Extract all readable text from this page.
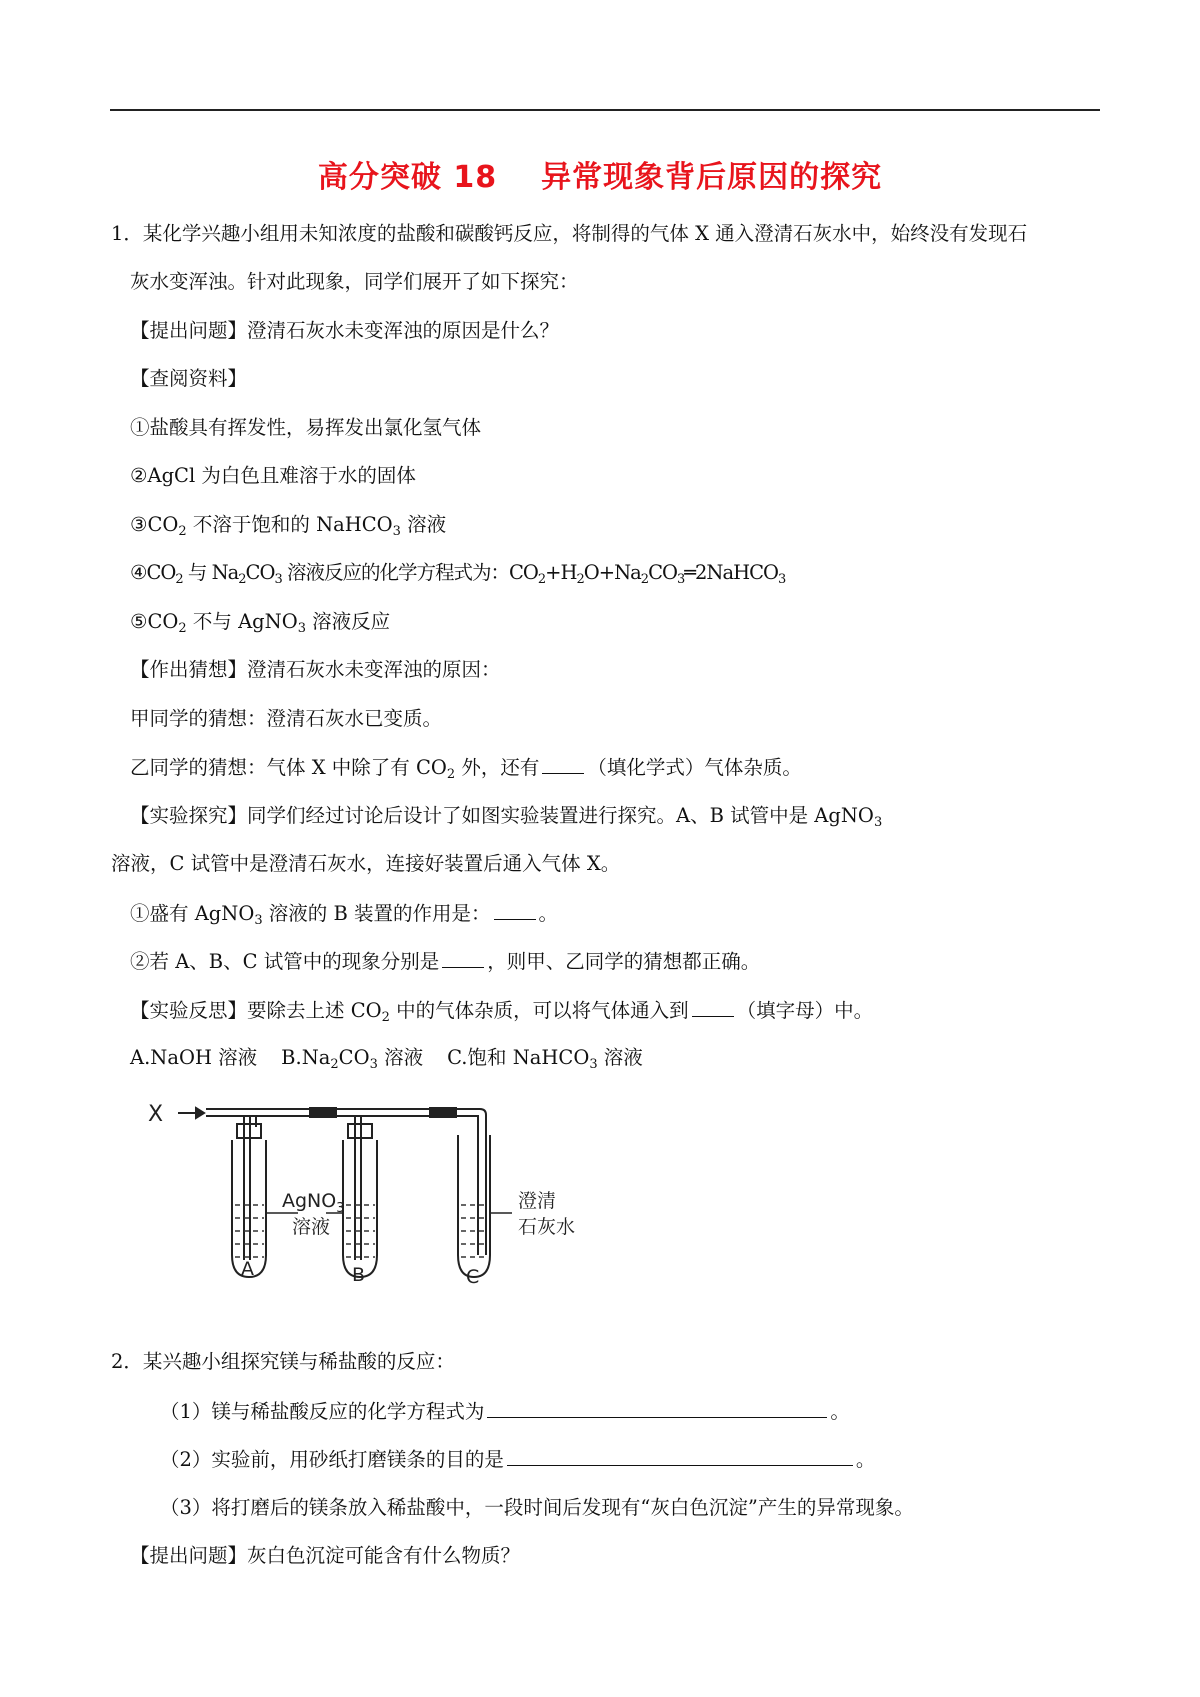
高分突破 18 异常现象背后原因的探究
1．某化学兴趣小组用未知浓度的盐酸和碳酸钙反应，将制得的气体 X 通入澄清石灰水中，始终没有发现石
灰水变浑浊。针对此现象，同学们展开了如下探究：
【提出问题】澄清石灰水未变浑浊的原因是什么？
【查阅资料】
①盐酸具有挥发性，易挥发出氯化氢气体
②AgCl 为白色且难溶于水的固体
$③CO_2$ 不溶于饱和的 NaHCO$_3$ 溶液
$④CO_2$ 与 $Na_2CO_3$ 溶液反应的化学方程式为：$CO_2+H_2O+Na_2CO_3═2NaHCO_3$
$⑤CO_2$ 不与 AgNO$_3$ 溶液反应
【作出猜想】澄清石灰水未变浑浊的原因：
甲同学的猜想：澄清石灰水已变质。
乙同学的猜想：气体 X 中除了有 $CO_2$ 外，还有 （填化学式）气体杂质。
【实验探究】同学们经过讨论后设计了如图实验装置进行探究。A、B 试管中是 AgNO$_3$
溶液，C 试管中是澄清石灰水，连接好装置后通入气体 X。
①盛有 AgNO$_3$ 溶液的 B 装置的作用是： 。
②若 A、B、C 试管中的现象分别是 ，则甲、乙同学的猜想都正确。
【实验反思】要除去上述 $CO_2$ 中的气体杂质，可以将气体通入到 （填字母）中。
A.NaOH 溶液 $B.Na_2CO_3$ 溶液 C.饱和 NaHCO$_3$ 溶液
X
AgNO$_3$
溶液
澄清
石灰水
A	B	C
2．某兴趣小组探究镁与稀盐酸的反应：
（1）镁与稀盐酸反应的化学方程式为	。
（2）实验前，用砂纸打磨镁条的目的是	。
（3）将打磨后的镁条放入稀盐酸中，一段时间后发现有“灰白色沉淀”产生的异常现象。
【提出问题】灰白色沉淀可能含有什么物质？
